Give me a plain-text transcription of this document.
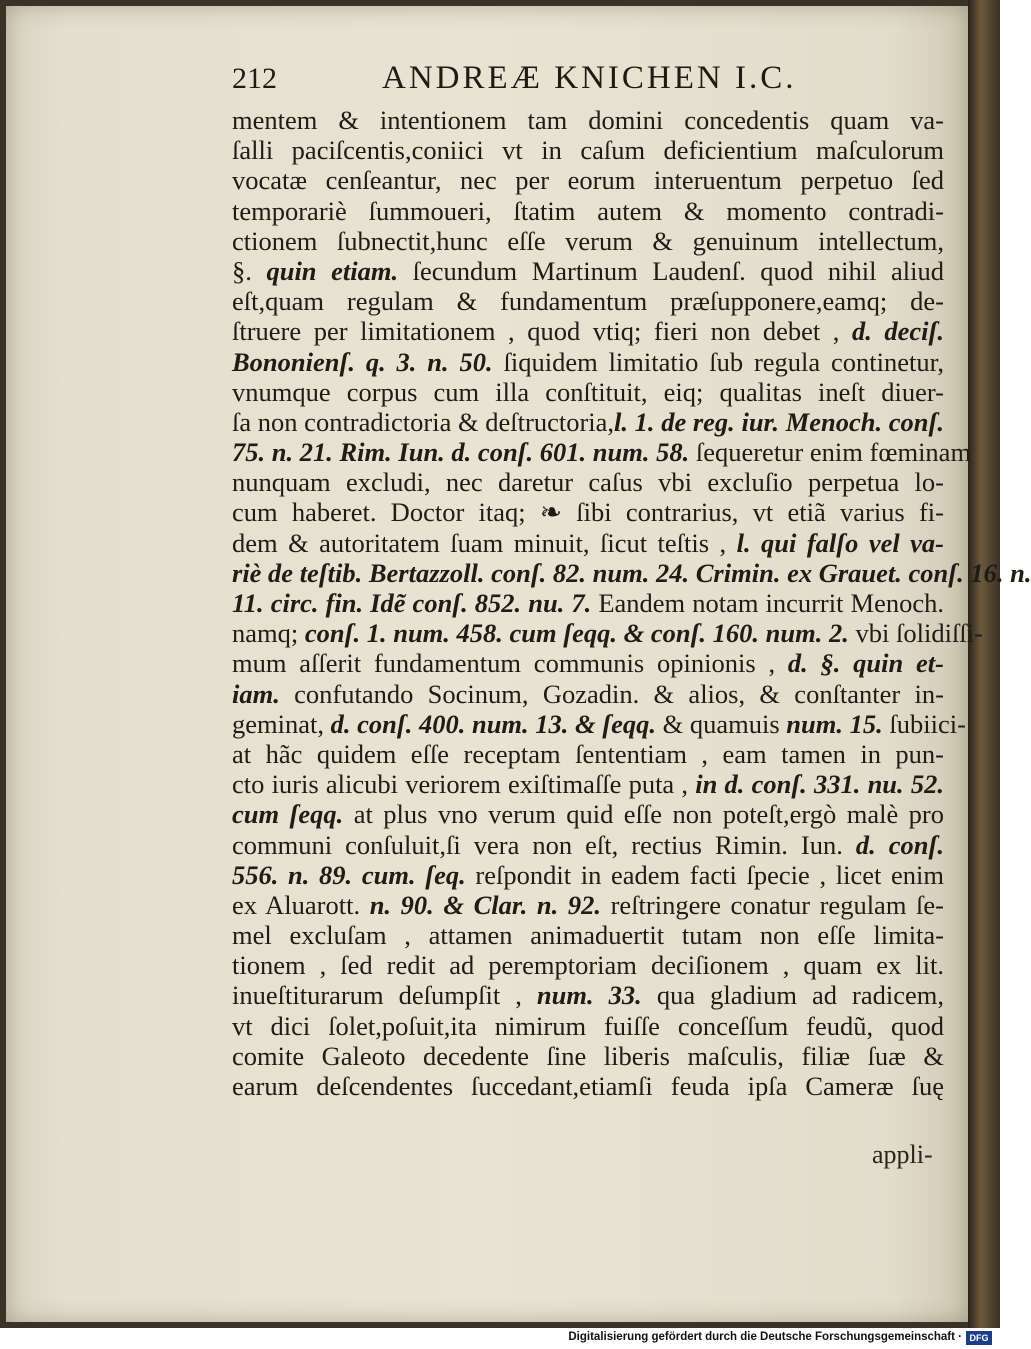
212	ANDREÆ KNICHEN I.C.
mentem & intentionem tam domini concedentis quam va-
ſalli paciſcentis,coniici vt in caſum deficientium maſculorum
vocatæ cenſeantur, nec per eorum interuentum perpetuo ſed
temporariè ſummoueri, ſtatim autem & momento contradi-
ctionem ſubnectit,hunc eſſe verum & genuinum intellectum,
§. quin etiam. ſecundum Martinum Laudenſ. quod nihil aliud
eſt,quam regulam & fundamentum præſupponere,eamq; de-
ſtruere per limitationem , quod vtiq; fieri non debet , d. deciſ.
Bononienſ. q. 3. n. 50. ſiquidem limitatio ſub regula continetur,
vnumque corpus cum illa conſtituit, eiq; qualitas ineſt diuer-
ſa non contradictoria & deſtructoria,l. 1. de reg. iur. Menoch. conſ.
75. n. 21. Rim. Iun. d. conſ. 601. num. 58. ſequeretur enim fœminam
nunquam excludi, nec daretur caſus vbi excluſio perpetua lo-
cum haberet. Doctor itaq; ❧ ſibi contrarius, vt etiã varius fi-
dem & autoritatem ſuam minuit, ſicut teſtis , l. qui falſo vel va-
riè de teſtib. Bertazzoll. conſ. 82. num. 24. Crimin. ex Grauet. conſ. 16. n.
11. circ. fin. Idẽ conſ. 852. nu. 7. Eandem notam incurrit Menoch.
namq; conſ. 1. num. 458. cum ſeqq. & conſ. 160. num. 2. vbi ſolidiſſi-
mum aſſerit fundamentum communis opinionis , d. §. quin et-
iam. confutando Socinum, Gozadin. & alios, & conſtanter in-
geminat, d. conſ. 400. num. 13. & ſeqq. & quamuis num. 15. ſubiici-
at hãc quidem eſſe receptam ſententiam , eam tamen in pun-
cto iuris alicubi veriorem exiſtimaſſe puta , in d. conſ. 331. nu. 52.
cum ſeqq. at plus vno verum quid eſſe non poteſt,ergò malè pro
communi conſuluit,ſi vera non eſt, rectius Rimin. Iun. d. conſ.
556. n. 89. cum. ſeq. reſpondit in eadem facti ſpecie , licet enim
ex Aluarott. n. 90. & Clar. n. 92. reſtringere conatur regulam ſe-
mel excluſam , attamen animaduertit tutam non eſſe limita-
tionem , ſed redit ad peremptoriam deciſionem , quam ex lit.
inueſtiturarum deſumpſit , num. 33. qua gladium ad radicem,
vt dici ſolet,poſuit,ita nimirum fuiſſe conceſſum feudũ, quod
comite Galeoto decedente ſine liberis maſculis, filiæ ſuæ &
earum deſcendentes ſuccedant,etiamſi feuda ipſa Cameræ ſuę
appli-
Digitalisierung gefördert durch die Deutsche Forschungsgemeinschaft · DFG
